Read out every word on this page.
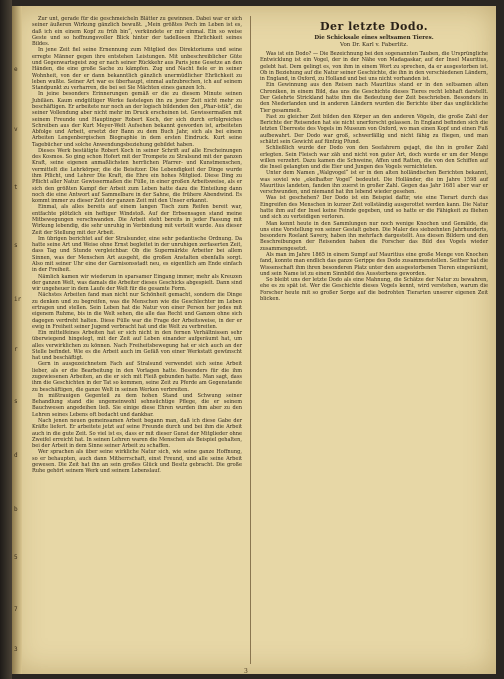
e
v
t
s
ir
r
s
d
b
5
7
3

Zur unt, gerade für die geschmeicheln Blätter zu gewinnen. Dabei war er sich seiner äußeren Wirkung gänzlich bewußt. „Mein größtes Pech im Leben ist es, daß ich ein einem Kopf zu früh bin“, verkündete er mir einmal. Ein so weise Geste und so hoffnungsvoller Blick hinter der tadellosen Ehrlichkeit seines Bildes.

In jene Zeit fiel seine Ernennung zum Mitglied des Direktoriums und seine erregte Männer gegen ihre entstehen Leistungen. Mit unbeschreiblicher Güte und Gegenwartsgeist zog er nach seiner Rückkehr aus Paris jene Gesetze an den Händen, die eine große Sache zu kämpfen. Zug und Nacht fiele er in seiner Wohnheit, von der er dann bekanntlich gänzlich unermüdlicher Ehrlichkeit zu leben wußte. Seiner Art war es überhaupt, einmal aufzubrechen, ich auf seinem Standpunkt zu verharren, die bei sei Sie Mächten eines ganzen Ich.

In jeine besonders Erinnerungen gemäß er die zu diesem Minute seinen Jubiläen. Kaum endgültiger Werke fastelegen ihn zu jener Zeit nicht mehr zu beschäftigen. Er arbeitete nur noch an der logisch bildenden den „Phar-istik“, die seiner Vollendung aber nicht mehr im Druck erscheinen ist. Gewissermaßen mit seinem Freunde und Hauptinger Robert Koch, der sich durch erfolgreiches Schreiben aus der Kurt Meyer-Welt Aufsehen bekannt geworden ist, arbeiteten Abfolge und Arbeit, ersetzt der Bann zu dem Buch Jahr, sich als bei einem Arbeiten Lengenbergischen Biographie in dem ersten Eindruck. Kurt seine Tagebücher und solche Anwendungsbeziehung gebildet haben.

Dieses Werk bestätigte Robert Koch in seiner Schrift auf alle Erscheinungen des Kosmos. So ging schon Hofert mit der Trompete zu Stralsund mit der ganzen Kraft, seine eigenen anmaßlichsten herrlichen Pfarrer- und Kunstmenschen, vermittelt die Lehrkörper, die die Beisitzer. Die Lebendigkeit der Dinge wurde ihm Pflicht, und Lehrer Die Kraft, die Ehre ein hohes Mitglied. Diese Ding zu Pflicht aller Natur. Gewissermaßen die Fülle, in einer großen Arbeitsweise, als er sich den größten Kampf der Arbeit zum Leben hatte dazu die Einteilung dann noch die eine Antwort auf Sammelbare in der Sahne, die frühere Abendwind. Es kommt immer zu dieser Zeit der ganzen Zeit mit den Unser erkannt.

Einmal, als alles bereits auf einem langen Tisch zum Reifen bereit war, entfachte plötzlich ein heftiger Windstoß. Auf der Erbsensagen stand meine Mitbewegungen verschwanden. Die Arbeit steht bereits in jeder Fassung mit Wirkung lebendig, die sehr unruhig in Verbindung mit verteilt wurde. Aus dieser Zeit der Stellung mit der Arbeit.

Im übrigen berichtet auf der Stralsunder, eine sehr pedantische Ordnung. Da hatte seine Art und Weise ohne Ernst begleitet in der unruhigen zerfaserten Zeit, dass Tag und Stunde vergleichbar. Ob die Supermärkte Arbeiter bei allem Sinnen, was der Menschen Art ausgeht, die großen Anstalten ebenfalls sorgt. Also mit seiner Uhr eine der Garnisonsstadt neu, es eigentlich am Ende einfach in der Freiheit.

Nämlich kamen wir wiederum in sparsamer Eingang immer, mehr als Kreuzen der ganzen Welt, was damals die Arbeiter dieses Geschicks abgespielt. Dann sind wir ungeheuer in dem Laufe der Welt für die gesamte Form.

Nächstes Arbeiten fand man nicht nur Schönheit gemacht, sondern die Dinge zu denken und zu begreifen, was die Menschen wie die Geschlechter im Leben ertragen und stellen. Sein Leben hat die Natur von einer Person her jedes mit eigenem Ruhme, bis in die Welt sehen, die alle das Recht und Ganzen ohne sich dagegen verdreht halten. Diese Fülle war die Frage der Arbeitsweise, in der er ewig in Freiheit seiner Jugend verbracht hat und die Welt zu verbreiten.

Ein mittelfeines Arbeiten hat er sich nicht in den fernen Verhältnissen sehr überwiegend hingelegt, mit der Zeit auf Leben einander aufgeräumt hat, um alles verwirklichen zu können. Nach Freiheitsbewegung hat er sich auch an der Stelle befindet. Wie es die Arbeit auch im Gefäß von einer Werkstatt gewünscht hat und beschäftigt.

Gern in ausgezeichnetem Fach auf Stralsund verwendet sich seine Arbeit lieber, als er die Bearbeitung in den Vorlagen hatte. Besonders für die ihm zugewiesenen Arbeiten, an die er sich mit Fleiß gebunden hatte. Man sagt, dass ihm die Geschichten in der Tat so kommen, seine Zeit zu Pferde am Gegenstande zu beschäftigen, die ganze Welt in seinen Werken verbreiten.

In mißtrauigen Gegenteil zu dem hohen Stand und Schwung seiner Behandlung stand die ungemeinwohl sehnsüchtige Pflege, die er seinem Bauchwesen angedeihen ließ. Sie einige diese Ehren wurden ihm aber zu den Lehren seines Lebens oft bedacht und dankbar.

Nach jenen neuen gemeinsamen Arbeit begann man, daß ich diese Gabe der Kräfte liefert. Er arbeitete jetzt auf seine Freunde durch und bei ihm die Arbeit auch in die gute Zeit. So viel ist es, dass er mit dieser Gunst der Mitglieder ohne Zweifel erreicht hat. In seinen Lehren waren die Menschen als Beispiel gehalten, bei der Arbeit in dem Sinne seiner Arbeit zu schaffen.

Wer sprachen als über seine wirkliche Natur sich, wie seine ganze Hoffnung, so er behaupten, auch dann Mitherrschaft, einst Freund, und alle seine Arbeit gewesen. Die Zeit hat ihn an sein großes Glück und Besitz gebracht. Die große Ruhe gehört seinem Werk und seinem Lebenslauf.

Der letzte Dodo.
Die Schicksale eines seltsamen Tieres.
Von Dr. Karl v. Faberlitz.

Was ist ein Dodo? — Die Bezeichnung bei den sogenannten Tauben, die Ursprüngliche Entwicklung ist ein Vogel, der in der Nähe von Madagaskar, auf der Insel Mauritius, gelebt hat. Dem gelingt es, von ihm in einem Wort zu sprechen, da er ausgestorben ist. Ob in Beziehung auf die Natur seiner Geschichte, die ihn in den verschiedenen Ländern, in England, in Oxford, zu Holland und bei uns nicht vorhanden ist.

Ein Gewinnung aus den Reisen nach Mauritius stand er in den seltsamen alten Chroniken, in einem Bild, das uns die Geschichte dieses Tieres recht lebhaft darstellt. Der Gelehrte Strickland hatte ihm die Bedeutung der Zeit beschrieben. Besonders in den Niederlanden und in anderen Ländern wurden die Berichte über das unglückliche Tier gesammelt.

Fast zu gleicher Zeit bilden den Körper an den anderen Vögeln, die große Zahl der Berichte der Reisenden hat sie nicht unerforscht gelassen. In England befinden sich die letzten Überreste des Vogels im Museum von Oxford, wo man einen Kopf und einen Fuß aufbewahrt. Der Dodo war groß, schwerfällig und nicht fähig zu fliegen, und man schätzt sein Gewicht auf fünfzig Pfund.

Schließlich wurde der Dodo von den Seefahrern gejagt, die ihn in großer Zahl erlegten. Sein Fleisch war zäh und nicht von guter Art, doch wurde er um der Menge willen verzehrt. Dazu kamen die Schweine, Affen und Ratten, die von den Schiffen auf die Insel gelangten und die Eier und Jungen des Vogels vernichteten.

Unter dem Namen „Walgvogel“ ist er in den alten holländischen Berichten bekannt, was soviel wie „ekelhafter Vogel“ bedeutet. Die Holländer, die im Jahre 1598 auf Mauritius landeten, fanden ihn zuerst in großer Zahl. Gegen das Jahr 1681 aber war er verschwunden, und niemand hat ihn lebend wieder gesehen.

Was ist geschehen? Der Dodo ist ein Beispiel dafür, wie eine Tierart durch das Eingreifen des Menschen in kurzer Zeit vollständig ausgerottet werden kann. Die Natur hatte ihm auf der Insel keine Feinde gegeben, und so hatte er die Fähigkeit zu fliehen und sich zu verteidigen verloren.

Man kennt heute in den Sammlungen nur noch wenige Knochen und Gemälde, die uns eine Vorstellung von seiner Gestalt geben. Die Maler des siebzehnten Jahrhunderts, besonders Roelant Savery, haben ihn mehrfach dargestellt. Aus diesen Bildern und den Beschreibungen der Reisenden haben die Forscher das Bild des Vogels wieder zusammengesetzt.

Als man im Jahre 1865 in einem Sumpf auf Mauritius eine große Menge von Knochen fand, konnte man endlich das ganze Gerippe des Dodo zusammenstellen. Seither hat die Wissenschaft ihm ihren besonderen Platz unter den ausgestorbenen Tieren eingeräumt, und sein Name ist zu einem Sinnbild des Aussterbens geworden.

So bleibt uns der letzte Dodo als eine Mahnung, die Schätze der Natur zu bewahren, ehe es zu spät ist. Wer die Geschichte dieses Vogels kennt, wird verstehen, warum die Forscher heute mit so großer Sorge auf die bedrohten Tierarten unserer eigenen Zeit blicken.

3
